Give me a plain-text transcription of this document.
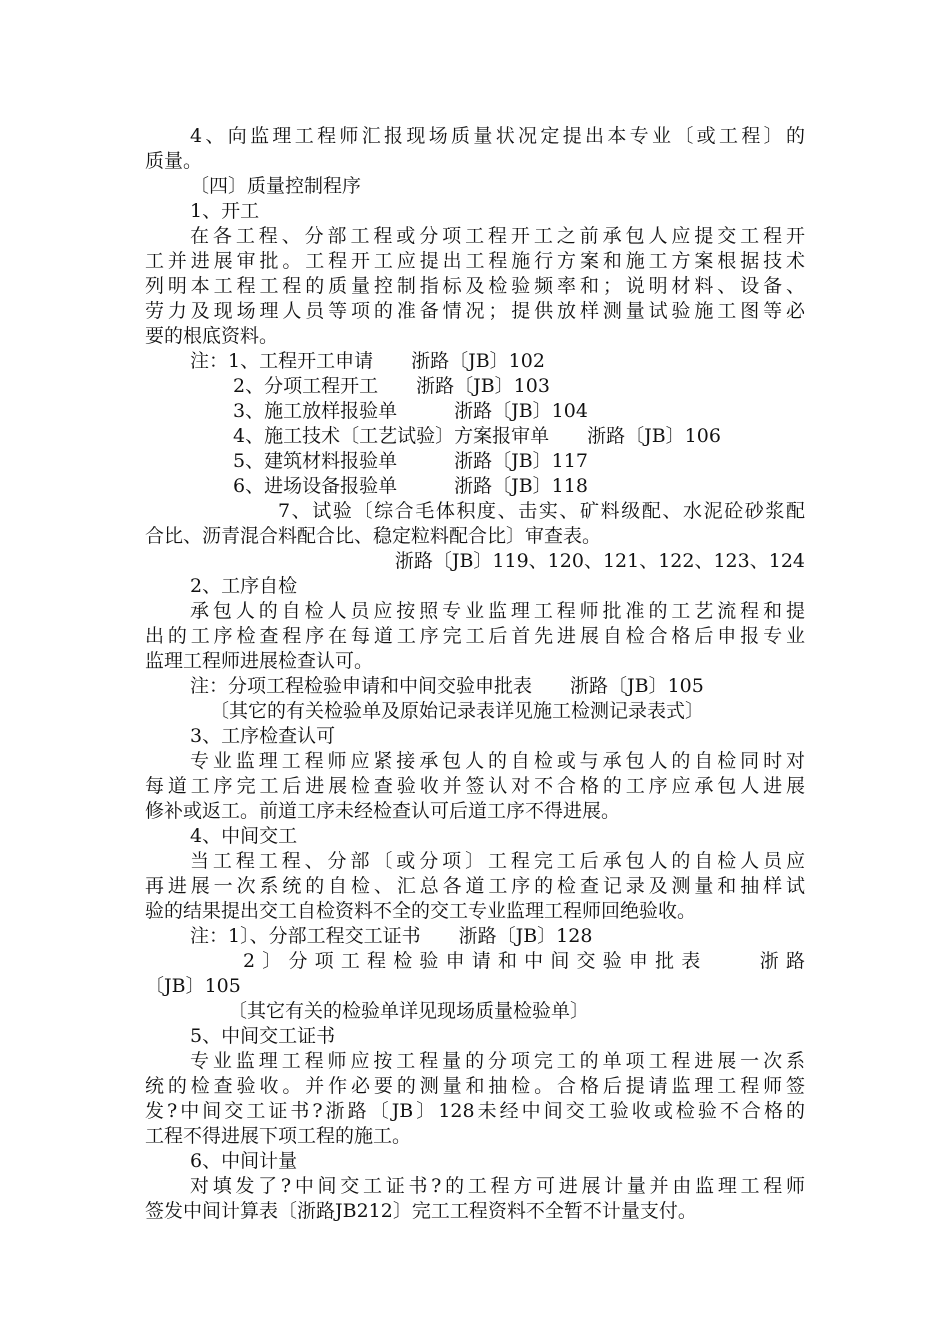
4、向监理工程师汇报现场质量状况定提出本专业〔或工程〕的
质量。
〔四〕质量控制程序
1、开工
在各工程、分部工程或分项工程开工之前承包人应提交工程开
工并进展审批。工程开工应提出工程施行方案和施工方案根据技术
列明本工程工程的质量控制指标及检验频率和；说明材料、设备、
劳力及现场理人员等项的准备情况；提供放样测量试验施工图等必
要的根底资料。
注：1、工程开工申请　　浙路〔JB〕102
2、分项工程开工　　浙路〔JB〕103
3、施工放样报验单　　　浙路〔JB〕104
4、施工技术〔工艺试验〕方案报审单　　浙路〔JB〕106
5、建筑材料报验单　　　浙路〔JB〕117
6、进场设备报验单　　　浙路〔JB〕118
7、试验〔综合毛体积度、击实、矿料级配、水泥砼砂浆配
合比、沥青混合料配合比、稳定粒料配合比〕审查表。
浙路〔JB〕119、120、121、122、123、124
2、工序自检
承包人的自检人员应按照专业监理工程师批准的工艺流程和提
出的工序检查程序在每道工序完工后首先进展自检合格后申报专业
监理工程师进展检查认可。
注：分项工程检验申请和中间交验申批表　　浙路〔JB〕105
〔其它的有关检验单及原始记录表详见施工检测记录表式〕
3、工序检查认可
专业监理工程师应紧接承包人的自检或与承包人的自检同时对
每道工序完工后进展检查验收并签认对不合格的工序应承包人进展
修补或返工。前道工序未经检查认可后道工序不得进展。
4、中间交工
当工程工程、分部〔或分项〕工程完工后承包人的自检人员应
再进展一次系统的自检、汇总各道工序的检查记录及测量和抽样试
验的结果提出交工自检资料不全的交工专业监理工程师回绝验收。
注：1〕、分部工程交工证书　　浙路〔JB〕128
2〕分项工程检验申请和中间交验申批表　　浙路
〔JB〕105
〔其它有关的检验单详见现场质量检验单〕
5、中间交工证书
专业监理工程师应按工程量的分项完工的单项工程进展一次系
统的检查验收。并作必要的测量和抽检。合格后提请监理工程师签
发?中间交工证书?浙路〔JB〕128未经中间交工验收或检验不合格的
工程不得进展下项工程的施工。
6、中间计量
对填发了?中间交工证书?的工程方可进展计量并由监理工程师
签发中间计算表〔浙路JB212〕完工工程资料不全暂不计量支付。
